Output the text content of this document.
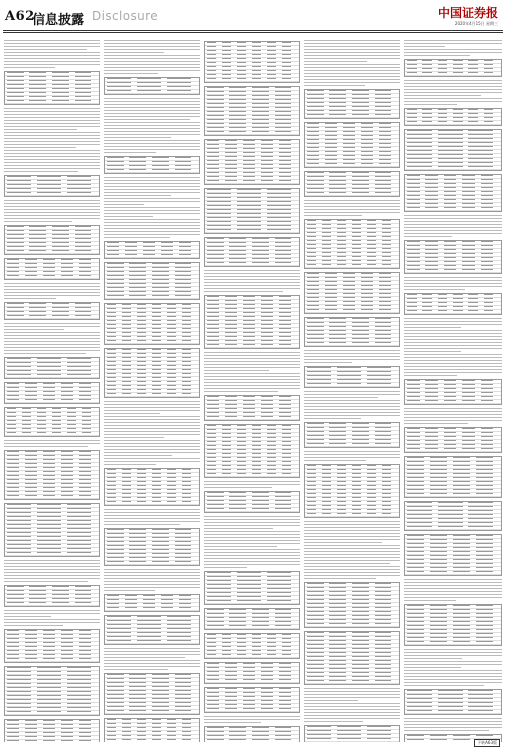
A62
信息披露 Disclosure	中国证券报
2020年4月15日 星期三
下转A63版
